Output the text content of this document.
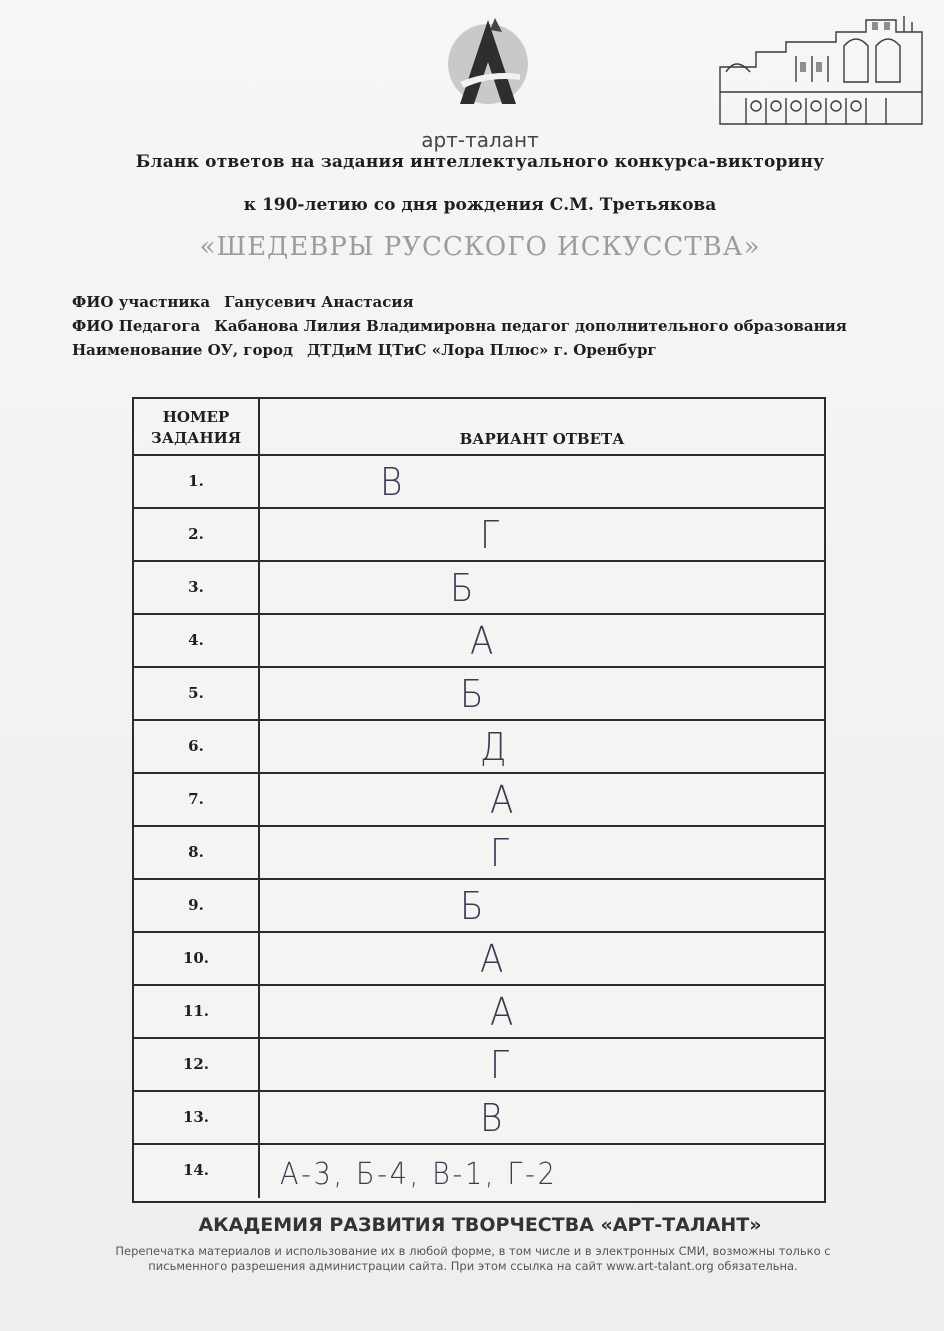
арт-талант
Бланк ответов на задания интеллектуального конкурса-викторину
к 190-летию со дня рождения С.М. Третьякова
«ШЕДЕВРЫ РУССКОГО ИСКУССТВА»
ФИО участника Ганусевич Анастасия
ФИО Педагога Кабанова Лилия Владимировна педагог дополнительного образования
Наименование ОУ, город ДТДиМ ЦТиС «Лора Плюс» г. Оренбург
НОМЕР ЗАДАНИЯ	ВАРИАНТ ОТВЕТА
1.	В
2.	Г
3.	Б
4.	А
5.	Б
6.	Д
7.	А
8.	Г
9.	Б
10.	А
11.	А
12.	Г
13.	В
14.	А-3, Б-4, В-1, Г-2
АКАДЕМИЯ РАЗВИТИЯ ТВОРЧЕСТВА «АРТ-ТАЛАНТ»
Перепечатка материалов и использование их в любой форме, в том числе и в электронных СМИ, возможны только с
письменного разрешения администрации сайта. При этом ссылка на сайт www.art-talant.org обязательна.
